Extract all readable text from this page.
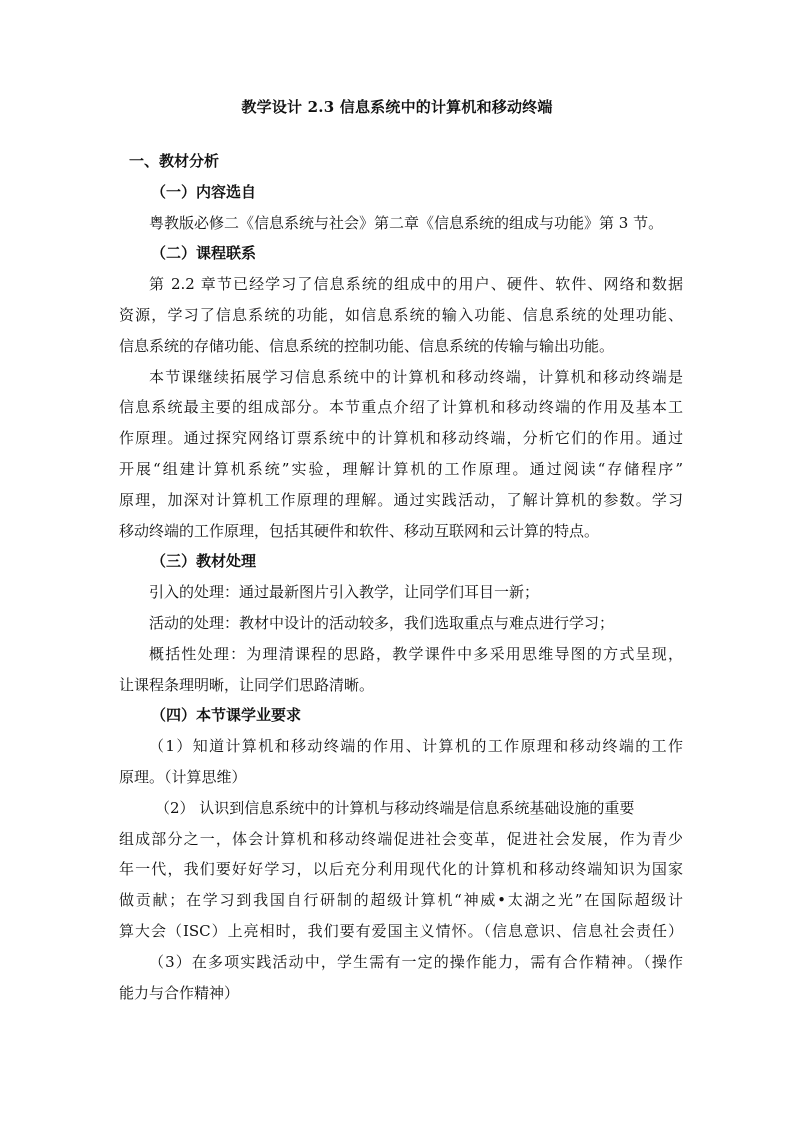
教学设计 2.3 信息系统中的计算机和移动终端
一、教材分析
（一）内容选自
粤教版必修二《信息系统与社会》第二章《信息系统的组成与功能》第 3 节。
（二）课程联系
第 2.2 章节已经学习了信息系统的组成中的用户、硬件、软件、网络和数据
资源，学习了信息系统的功能，如信息系统的输入功能、信息系统的处理功能、
信息系统的存储功能、信息系统的控制功能、信息系统的传输与输出功能。
本节课继续拓展学习信息系统中的计算机和移动终端，计算机和移动终端是
信息系统最主要的组成部分。本节重点介绍了计算机和移动终端的作用及基本工
作原理。通过探究网络订票系统中的计算机和移动终端，分析它们的作用。通过
开展“组建计算机系统”实验，理解计算机的工作原理。通过阅读“存储程序”
原理，加深对计算机工作原理的理解。通过实践活动，了解计算机的参数。学习
移动终端的工作原理，包括其硬件和软件、移动互联网和云计算的特点。
（三）教材处理
引入的处理：通过最新图片引入教学，让同学们耳目一新；
活动的处理：教材中设计的活动较多，我们选取重点与难点进行学习；
概括性处理：为理清课程的思路，教学课件中多采用思维导图的方式呈现，
让课程条理明晰，让同学们思路清晰。
（四）本节课学业要求
（1）知道计算机和移动终端的作用、计算机的工作原理和移动终端的工作
原理。（计算思维）
（2） 认识到信息系统中的计算机与移动终端是信息系统基础设施的重要
组成部分之一，体会计算机和移动终端促进社会变革，促进社会发展，作为青少
年一代，我们要好好学习，以后充分利用现代化的计算机和移动终端知识为国家
做贡献；在学习到我国自行研制的超级计算机“神威•太湖之光”在国际超级计
算大会（ISC）上亮相时，我们要有爱国主义情怀。（信息意识、信息社会责任）
（3）在多项实践活动中，学生需有一定的操作能力，需有合作精神。（操作
能力与合作精神）
